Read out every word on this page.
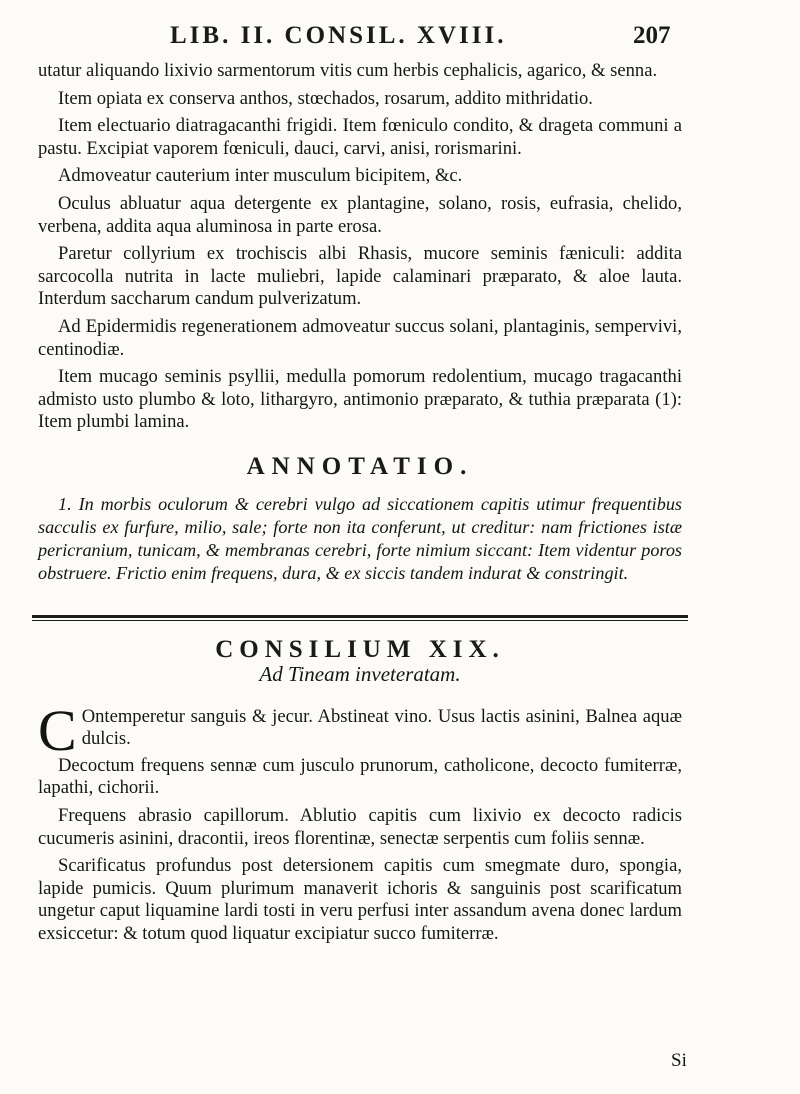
LIB. II. CONSIL. XVIII.	207

utatur aliquando lixivio sarmentorum vitis cum herbis cephalicis, agarico, & senna.

Item opiata ex conserva anthos, stœchados, rosarum, addito mithridatio.

Item electuario diatragacanthi frigidi. Item fœniculo condito, & drageta communi a pastu. Excipiat vaporem fœniculi, dauci, carvi, anisi, rorismarini.

Admoveatur cauterium inter musculum bicipitem, &c.

Oculus abluatur aqua detergente ex plantagine, solano, rosis, eufrasia, chelido, verbena, addita aqua aluminosa in parte erosa.

Paretur collyrium ex trochiscis albi Rhasis, mucore seminis fæniculi: addita sarcocolla nutrita in lacte muliebri, lapide calaminari præparato, & aloe lauta. Interdum saccharum candum pulverizatum.

Ad Epidermidis regenerationem admoveatur succus solani, plantaginis, sempervivi, centinodiæ.

Item mucago seminis psyllii, medulla pomorum redolentium, mucago tragacanthi admisto usto plumbo & loto, lithargyro, antimonio præparato, & tuthia præparata (1): Item plumbi lamina.

ANNOTATIO.

1. In morbis oculorum & cerebri vulgo ad siccationem capitis utimur frequentibus sacculis ex furfure, milio, sale; forte non ita conferunt, ut creditur: nam frictiones istæ pericranium, tunicam, & membranas cerebri, forte nimium siccant: Item videntur poros obstruere. Frictio enim frequens, dura, & ex siccis tandem indurat & constringit.

CONSILIUM XIX.
Ad Tineam inveteratam.

C Ontemperetur sanguis & jecur. Abstineat vino. Usus lactis asinini, Balnea aquæ dulcis.

Decoctum frequens sennæ cum jusculo prunorum, catholicone, decocto fumiterræ, lapathi, cichorii.

Frequens abrasio capillorum. Ablutio capitis cum lixivio ex decocto radicis cucumeris asinini, dracontii, ireos florentinæ, senectæ serpentis cum foliis sennæ.

Scarificatus profundus post detersionem capitis cum smegmate duro, spongia, lapide pumicis. Quum plurimum manaverit ichoris & sanguinis post scarificatum ungetur caput liquamine lardi tosti in veru perfusi inter assandum avena donec lardum exsiccetur: & totum quod liquatur excipiatur succo fumiterræ.

Si
